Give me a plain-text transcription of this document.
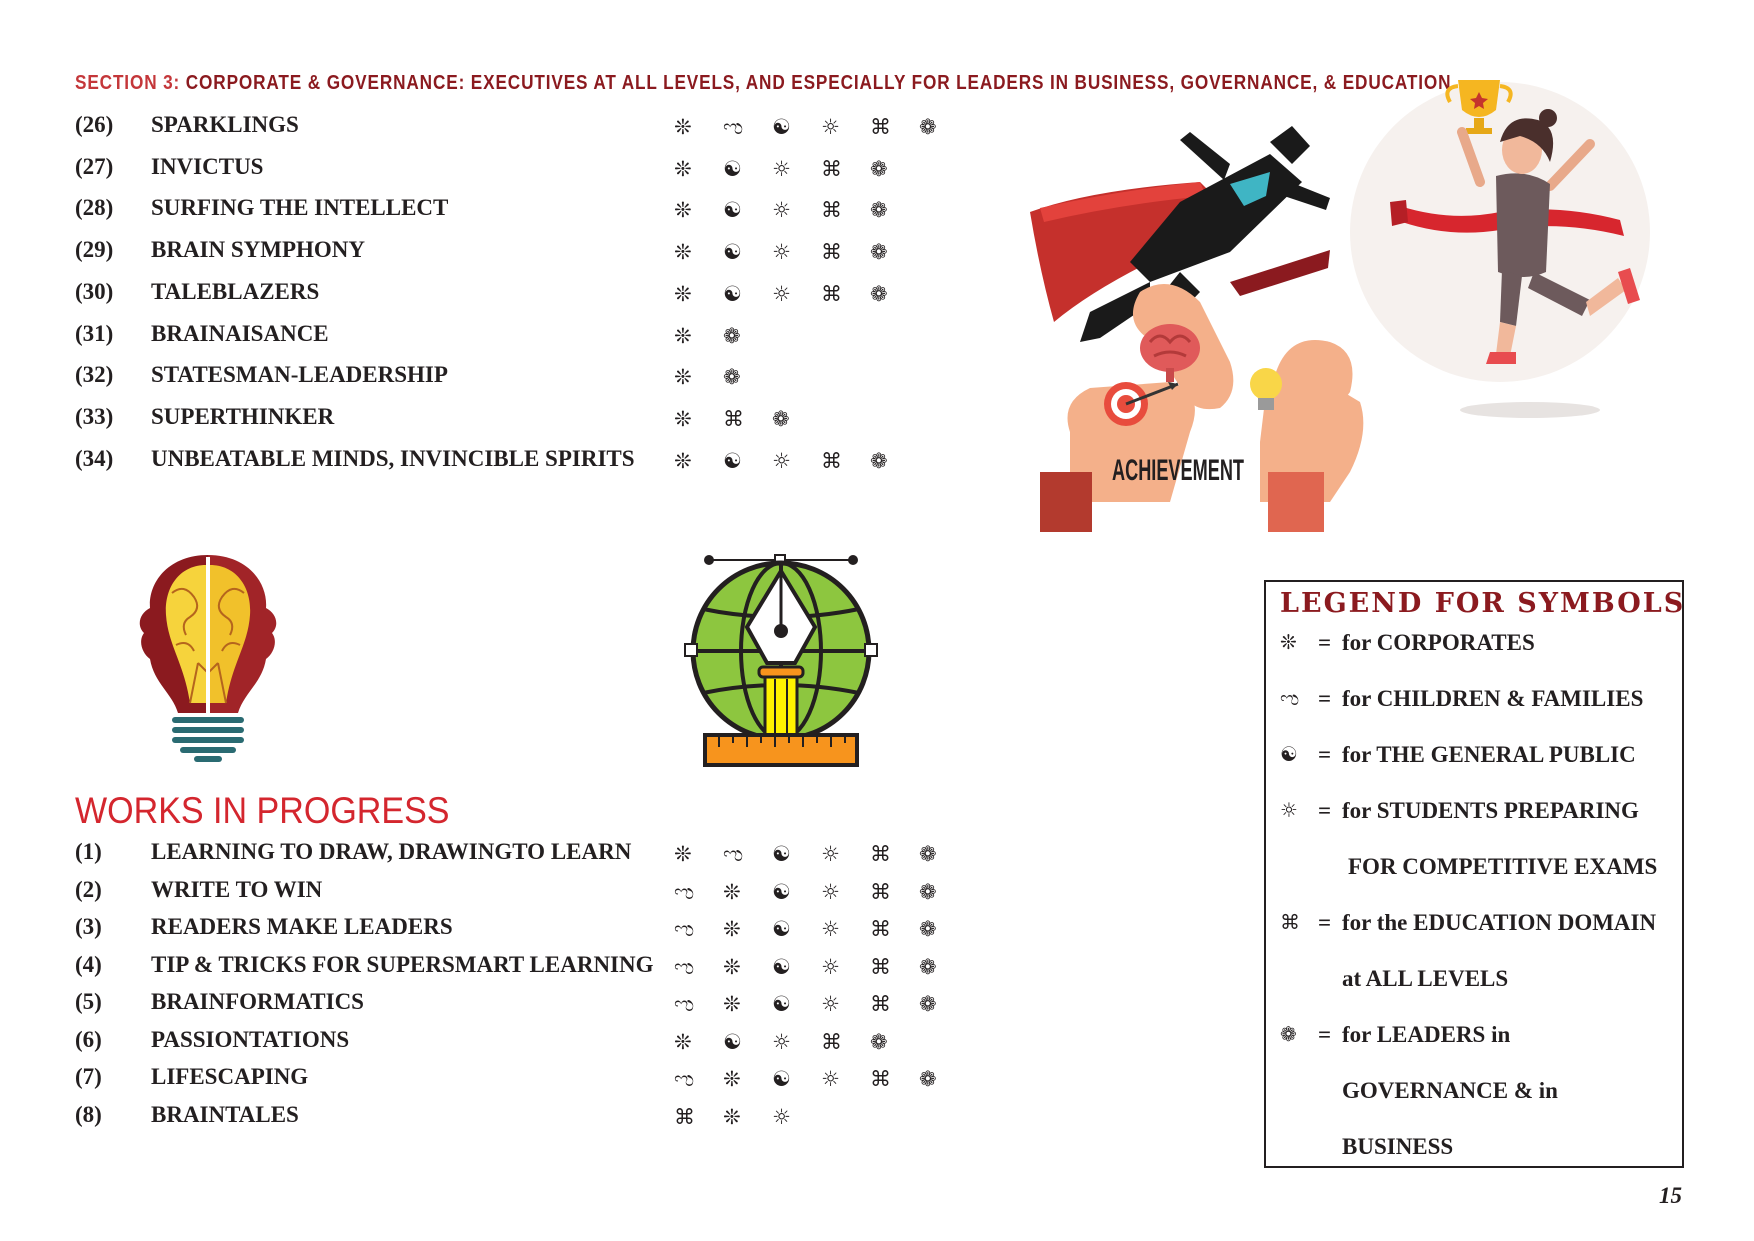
SECTION 3: CORPORATE & GOVERNANCE: EXECUTIVES AT ALL LEVELS, AND ESPECIALLY FOR LEADERS IN BUSINESS, GOVERNANCE, & EDUCATION
(26) SPARKLINGS	❊ ಌ ☯ ☼ ⌘ ❁
(27) INVICTUS	❊ ☯ ☼ ⌘ ❁
(28) SURFING THE INTELLECT	❊ ☯ ☼ ⌘ ❁
(29) BRAIN SYMPHONY	❊ ☯ ☼ ⌘ ❁
(30) TALEBLAZERS	❊ ☯ ☼ ⌘ ❁
(31) BRAINAISANCE	❊ ❁
(32) STATESMAN-LEADERSHIP	❊ ❁
(33) SUPERTHINKER	❊ ⌘ ❁
(34) UNBEATABLE MINDS, INVINCIBLE SPIRITS ❊ ☯ ☼ ⌘ ❁	ACHIEVEMENT
WORKS IN PROGRESS
(1) LEARNING TO DRAW, DRAWINGTO LEARN ❊ ಌ ☯ ☼ ⌘ ❁
(2) WRITE TO WIN	ಌ ❊ ☯ ☼ ⌘ ❁
(3) READERS MAKE LEADERS	ಌ ❊ ☯ ☼ ⌘ ❁
(4) TIP & TRICKS FOR SUPERSMART LEARNING ಌ ❊ ☯ ☼ ⌘ ❁
(5) BRAINFORMATICS	ಌ ❊ ☯ ☼ ⌘ ❁
(6) PASSIONTATIONS	❊ ☯ ☼ ⌘ ❁
(7) LIFESCAPING	ಌ ❊ ☯ ☼ ⌘ ❁
(8) BRAINTALES	⌘ ❊ ☼
LEGEND FOR SYMBOLS
❊ = for CORPORATES
ಌ = for CHILDREN & FAMILIES
☯ = for THE GENERAL PUBLIC
☼ = for STUDENTS PREPARING
FOR COMPETITIVE EXAMS
⌘ = for the EDUCATION DOMAIN
at ALL LEVELS
❁ = for LEADERS in
GOVERNANCE & in
BUSINESS
15
